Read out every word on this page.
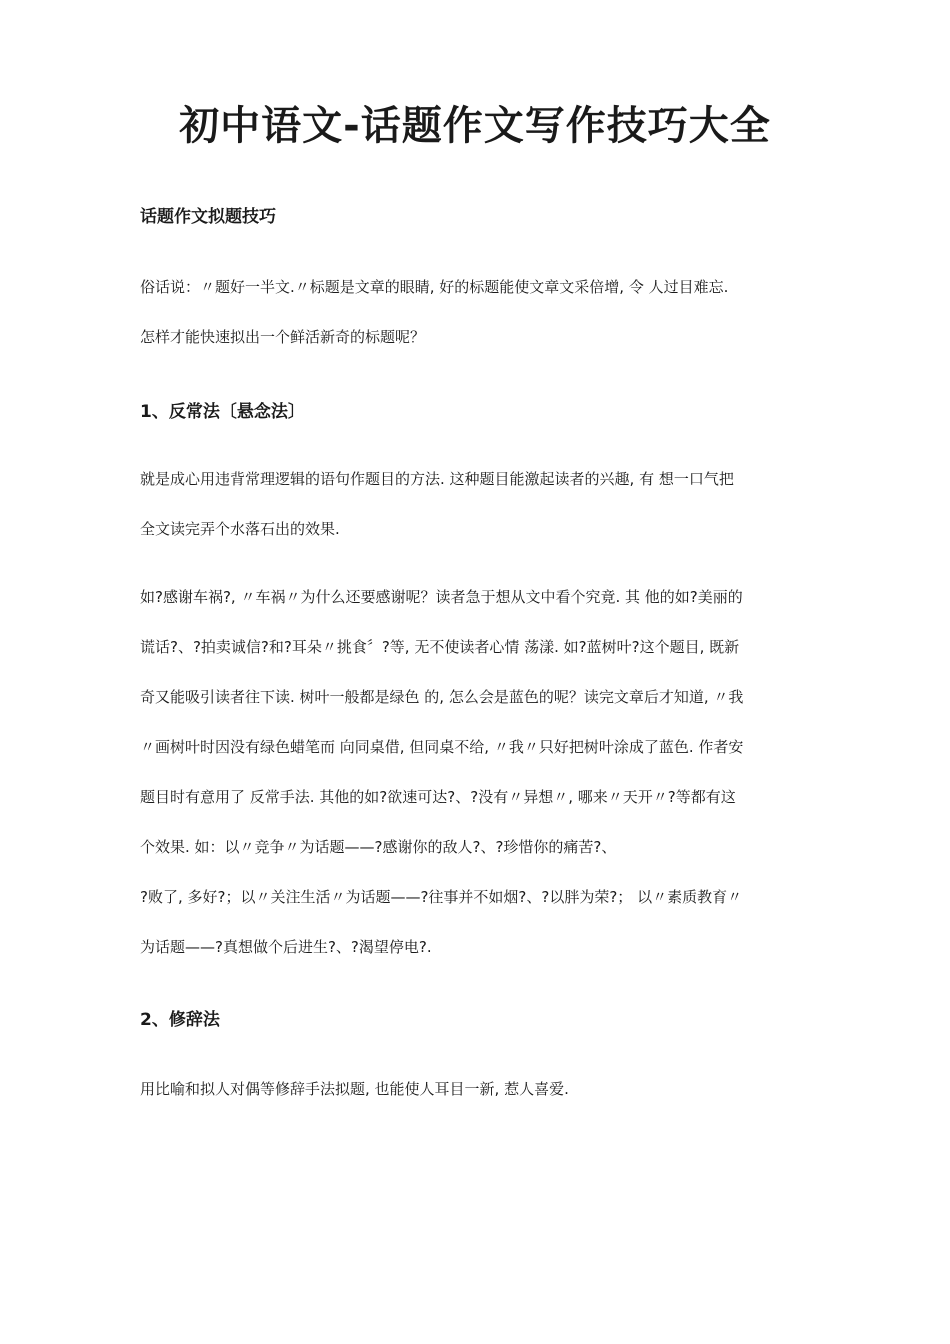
初中语文-话题作文写作技巧大全
话题作文拟题技巧

俗话说：〃题好一半文.〃标题是文章的眼睛, 好的标题能使文章文采倍增, 令 人过目难忘.
怎样才能快速拟出一个鲜活新奇的标题呢？

1、反常法〔悬念法〕

就是成心用违背常理逻辑的语句作题目的方法. 这种题目能激起读者的兴趣, 有 想一口气把
全文读完弄个水落石出的效果.

如?感谢车祸?, 〃车祸〃为什么还要感谢呢？读者急于想从文中看个究竟. 其 他的如?美丽的
谎话?、?拍卖诚信?和?耳朵〃挑食〞?等, 无不使读者心情 荡漾. 如?蓝树叶?这个题目, 既新
奇又能吸引读者往下读. 树叶一般都是绿色 的, 怎么会是蓝色的呢？读完文章后才知道, 〃我
〃画树叶时因没有绿色蜡笔而 向同桌借, 但同桌不给, 〃我〃只好把树叶涂成了蓝色. 作者安
题目时有意用了 反常手法. 其他的如?欲速可达?、?没有〃异想〃, 哪来〃天开〃?等都有这
个效果. 如：以〃竞争〃为话题——?感谢你的敌人?、?珍惜你的痛苦?、
?败了, 多好?；以〃关注生活〃为话题——?往事并不如烟?、?以胖为荣?； 以〃素质教育〃
为话题——?真想做个后进生?、?渴望停电?.

2、修辞法

用比喻和拟人对偶等修辞手法拟题, 也能使人耳目一新, 惹人喜爱.
